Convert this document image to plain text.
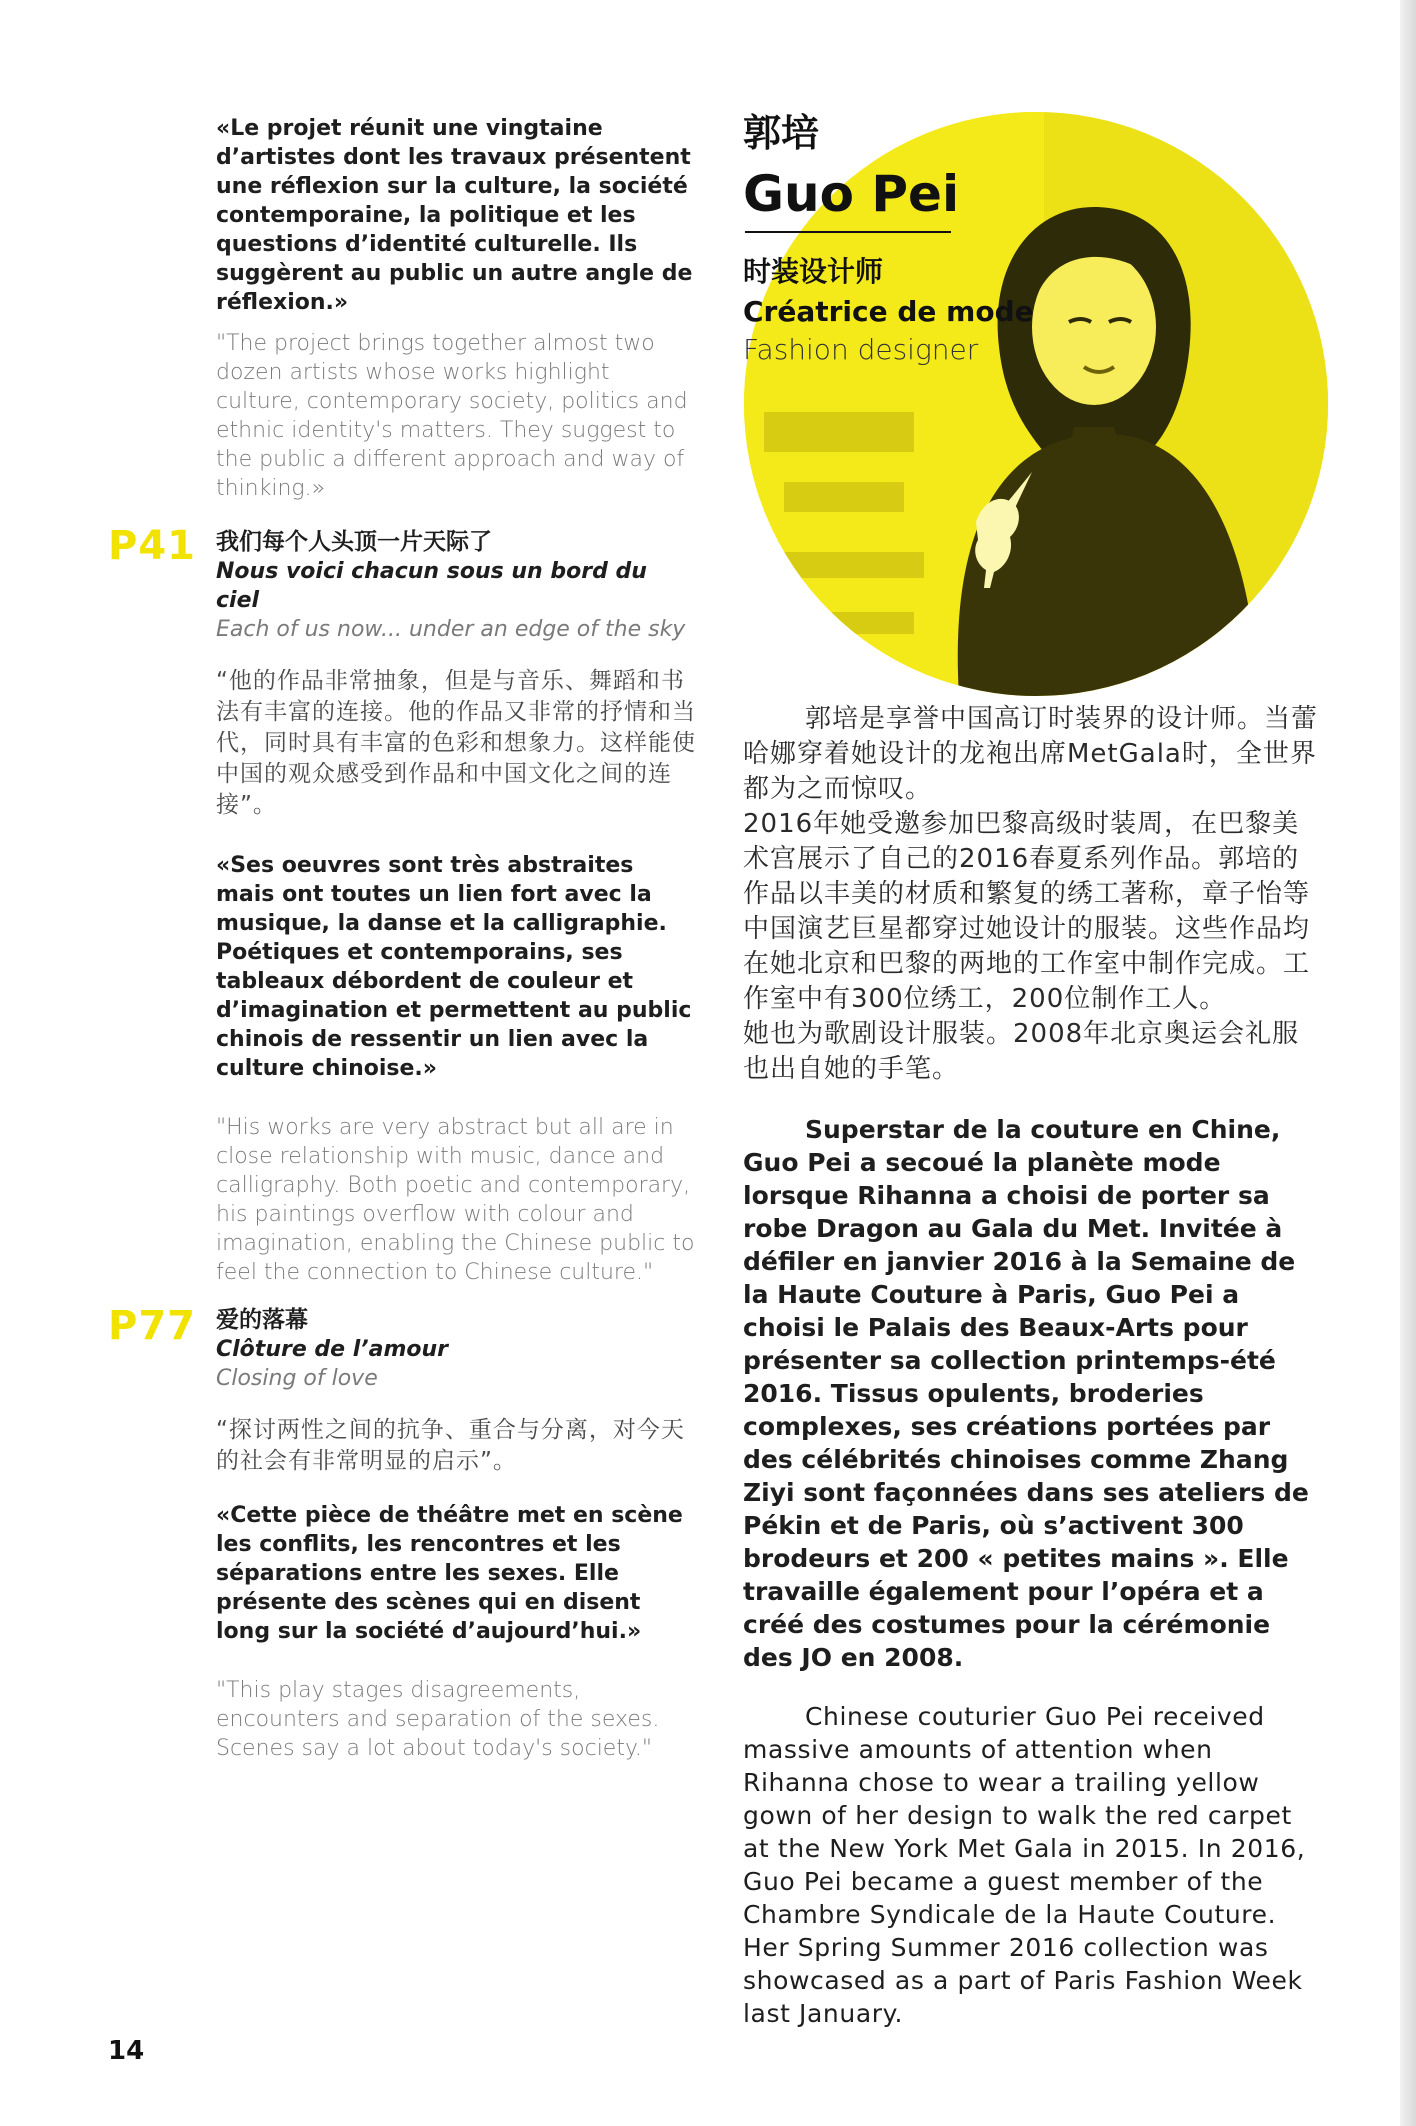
«Le projet réunit une vingtaine d’artistes dont les travaux présentent une réflexion sur la culture, la société contemporaine, la politique et les questions d’identité culturelle. Ils suggèrent au public un autre angle de réflexion.»

"The project brings together almost two dozen artists whose works highlight culture, contemporary society, politics and ethnic identity's matters. They suggest to the public a different approach and way of thinking.»

P41 我们每个人头顶一片天际了

Nous voici chacun sous un bord du ciel

Each of us now... under an edge of the sky

“他的作品非常抽象，但是与音乐、舞蹈和书法有丰富的连接。他的作品又非常的抒情和当代，同时具有丰富的色彩和想象力。这样能使中国的观众感受到作品和中国文化之间的连接”。

«Ses oeuvres sont très abstraites mais ont toutes un lien fort avec la musique, la danse et la calligraphie. Poétiques et contemporains, ses tableaux débordent de couleur et d’imagination et permettent au public chinois de ressentir un lien avec la culture chinoise.»

"His works are very abstract but all are in close relationship with music, dance and calligraphy. Both poetic and contemporary, his paintings overflow with colour and imagination, enabling the Chinese public to feel the connection to Chinese culture."

P77 爱的落幕

Clôture de l’amour

Closing of love

“探讨两性之间的抗争、重合与分离，对今天的社会有非常明显的启示”。

«Cette pièce de théâtre met en scène les conflits, les rencontres et les séparations entre les sexes. Elle présente des scènes qui en disent long sur la société d’aujourd’hui.»

"This play stages disagreements, encounters and separation of the sexes. Scenes say a lot about today's society."

郭培
Guo Pei
时装设计师
Créatrice de mode
Fashion designer

郭培是享誉中国高订时装界的设计师。当蕾哈娜穿着她设计的龙袍出席MetGala时，全世界都为之而惊叹。

2016年她受邀参加巴黎高级时装周，在巴黎美术宫展示了自己的2016春夏系列作品。郭培的作品以丰美的材质和繁复的绣工著称，章子怡等中国演艺巨星都穿过她设计的服装。这些作品均在她北京和巴黎的两地的工作室中制作完成。工作室中有300位绣工，200位制作工人。

她也为歌剧设计服装。2008年北京奥运会礼服也出自她的手笔。

Superstar de la couture en Chine, Guo Pei a secoué la planète mode lorsque Rihanna a choisi de porter sa robe Dragon au Gala du Met. Invitée à défiler en janvier 2016 à la Semaine de la Haute Couture à Paris, Guo Pei a choisi le Palais des Beaux-Arts pour présenter sa collection printemps-été 2016. Tissus opulents, broderies complexes, ses créations portées par des célébrités chinoises comme Zhang Ziyi sont façonnées dans ses ateliers de Pékin et de Paris, où s’activent 300 brodeurs et 200 « petites mains ». Elle travaille également pour l’opéra et a créé des costumes pour la cérémonie des JO en 2008.

Chinese couturier Guo Pei received massive amounts of attention when Rihanna chose to wear a trailing yellow gown of her design to walk the red carpet at the New York Met Gala in 2015. In 2016, Guo Pei became a guest member of the Chambre Syndicale de la Haute Couture. Her Spring Summer 2016 collection was showcased as a part of Paris Fashion Week last January.

14
